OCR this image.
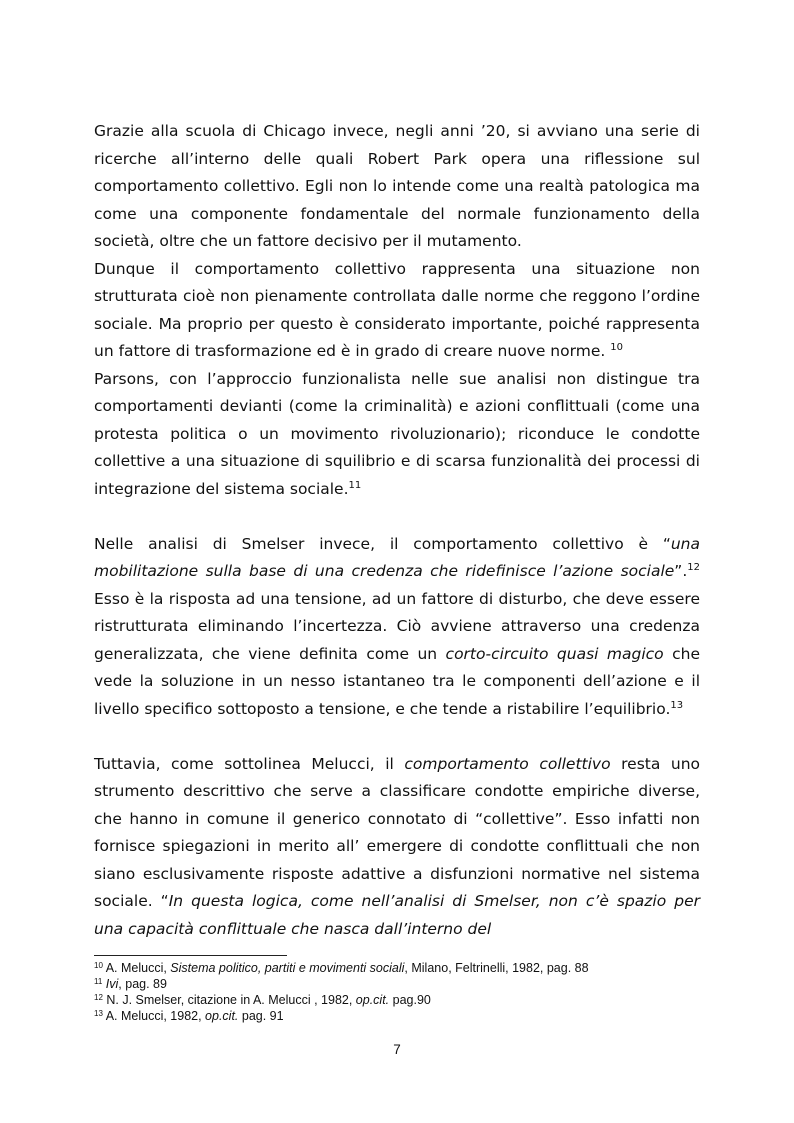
Grazie alla scuola di Chicago invece, negli anni ’20, si avviano una serie di ricerche all’interno delle quali Robert Park opera una riflessione sul comportamento collettivo. Egli non lo intende come una realtà patologica ma come una componente fondamentale del normale funzionamento della società, oltre che un fattore decisivo per il mutamento.

Dunque il comportamento collettivo rappresenta una situazione non strutturata cioè non pienamente controllata dalle norme che reggono l’ordine sociale. Ma proprio per questo è considerato importante, poiché rappresenta un fattore di trasformazione ed è in grado di creare nuove norme. $^{10}$

Parsons, con l’approccio funzionalista nelle sue analisi non distingue tra comportamenti devianti (come la criminalità) e azioni conflittuali (come una protesta politica o un movimento rivoluzionario); riconduce le condotte collettive a una situazione di squilibrio e di scarsa funzionalità dei processi di integrazione del sistema sociale.$^{11}$

Nelle analisi di Smelser invece, il comportamento collettivo è “una mobilitazione sulla base di una credenza che ridefinisce l’azione sociale”.$^{12}$ Esso è la risposta ad una tensione, ad un fattore di disturbo, che deve essere ristrutturata eliminando l’incertezza. Ciò avviene attraverso una credenza generalizzata, che viene definita come un corto-circuito quasi magico che vede la soluzione in un nesso istantaneo tra le componenti dell’azione e il livello specifico sottoposto a tensione, e che tende a ristabilire l’equilibrio.$^{13}$

Tuttavia, come sottolinea Melucci, il comportamento collettivo resta uno strumento descrittivo che serve a classificare condotte empiriche diverse, che hanno in comune il generico connotato di “collettive”. Esso infatti non fornisce spiegazioni in merito all’ emergere di condotte conflittuali che non siano esclusivamente risposte adattive a disfunzioni normative nel sistema sociale. “In questa logica, come nell’analisi di Smelser, non c’è spazio per una capacità conflittuale che nasca dall’interno del

$^{10}$ A. Melucci, Sistema politico, partiti e movimenti sociali, Milano, Feltrinelli, 1982, pag. 88

$^{11}$ Ivi, pag. 89

$^{12}$ N. J. Smelser, citazione in A. Melucci , 1982, op.cit. pag.90

$^{13}$ A. Melucci, 1982, op.cit. pag. 91

7
